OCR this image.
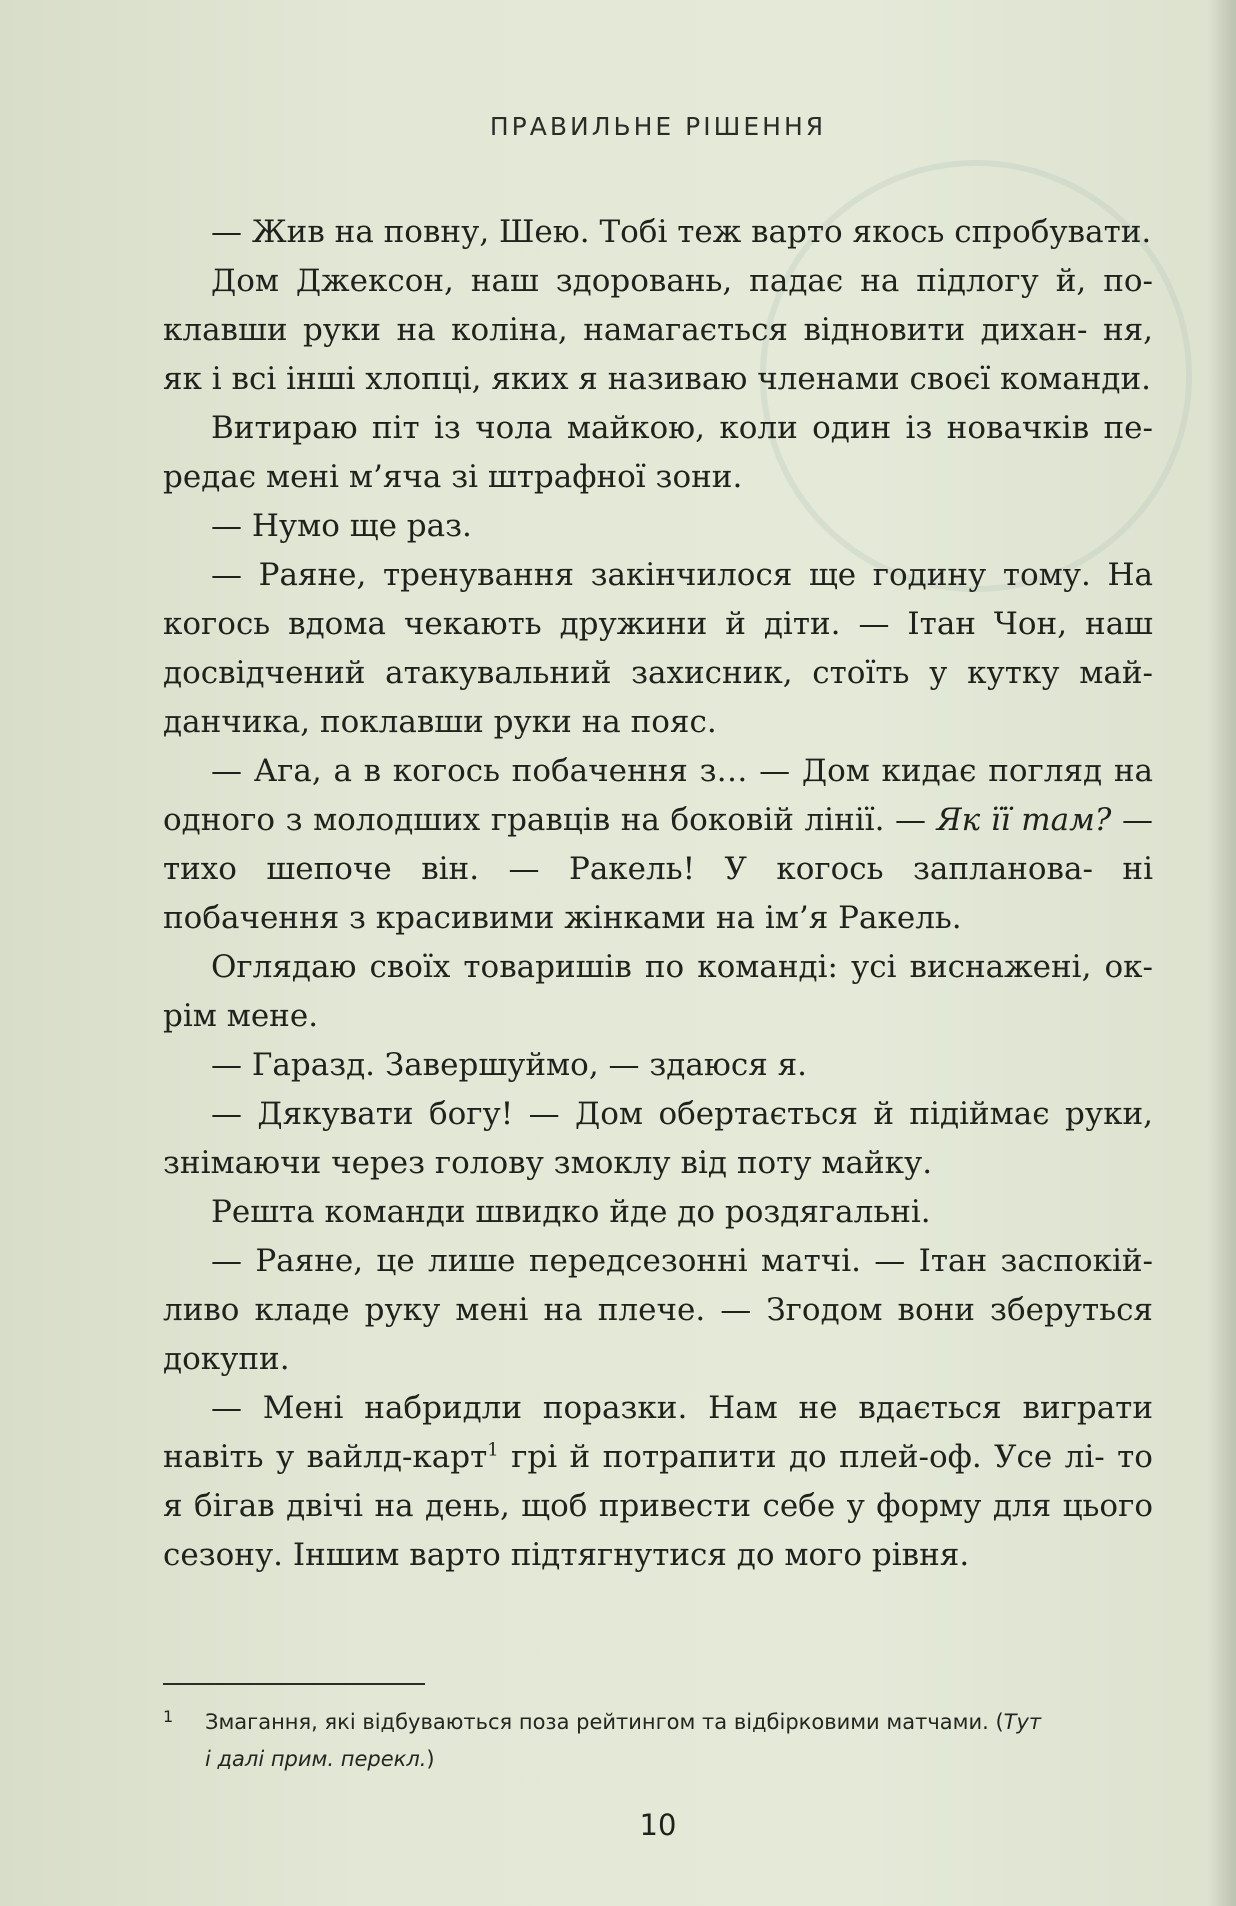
ПРАВИЛЬНЕ РІШЕННЯ

— Жив на повну, Шею. Тобі теж варто якось спробувати.

Дом Джексон, наш здоровань, падає на підлогу й, по- клавши руки на коліна, намагається відновити дихан- ня, як і всі інші хлопці, яких я називаю членами своєї команди.

Витираю піт із чола майкою, коли один із новачків пе- редає мені м’яча зі штрафної зони.

— Нумо ще раз.

— Раяне, тренування закінчилося ще годину тому. На когось вдома чекають дружини й діти. — Ітан Чон, наш досвідчений атакувальний захисник, стоїть у кутку май- данчика, поклавши руки на пояс.

— Ага, а в когось побачення з… — Дом кидає погляд на одного з молодших гравців на боковій лінії. — Як її там? — тихо шепоче він. — Ракель! У когось запланова- ні побачення з красивими жінками на ім’я Ракель.

Оглядаю своїх товаришів по команді: усі виснажені, ок- рім мене.

— Гаразд. Завершуймо, — здаюся я.

— Дякувати богу! — Дом обертається й підіймає руки, знімаючи через голову змоклу від поту майку.

Решта команди швидко йде до роздягальні.

— Раяне, це лише передсезонні матчі. — Ітан заспокій- ливо кладе руку мені на плече. — Згодом вони зберуться докупи.

— Мені набридли поразки. Нам не вдається виграти навіть у вайлд-карт$^1$ грі й потрапити до плей-оф. Усе лі- то я бігав двічі на день, щоб привести себе у форму для цього сезону. Іншим варто підтягнутися до мого рівня.

1 Змагання, які відбуваються поза рейтингом та відбірковими матчами. (Тут
і далі прим. перекл.)
10
